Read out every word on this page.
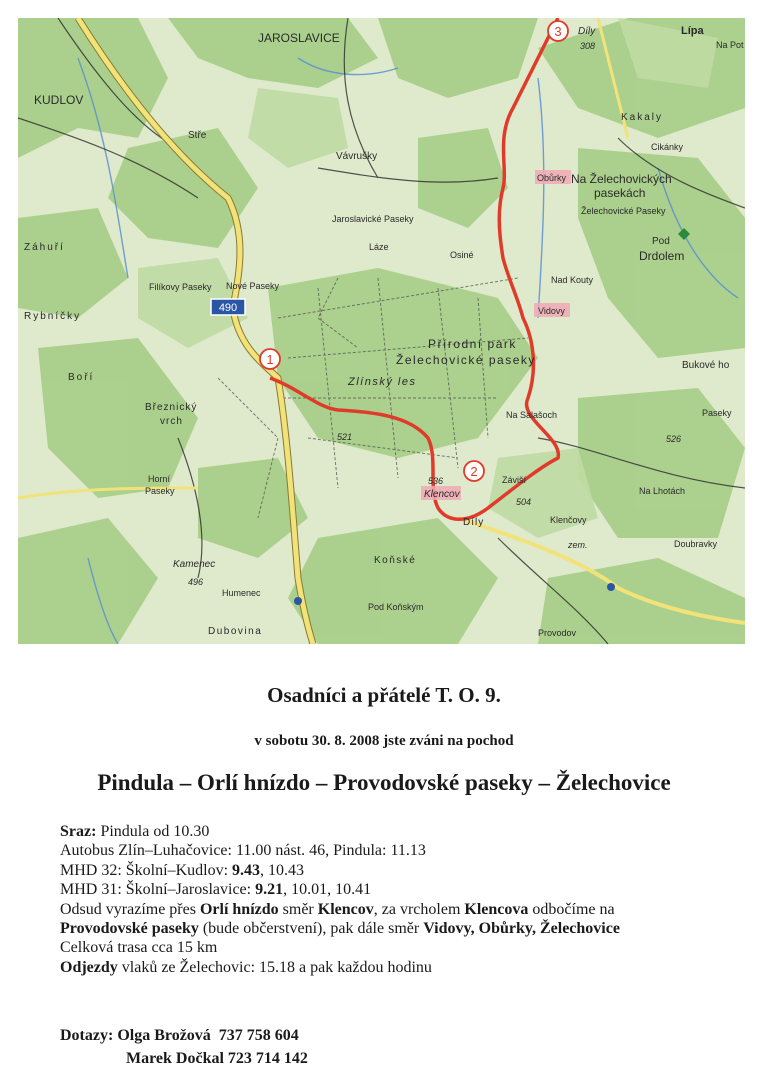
490
1
2
3
JAROSLAVICE	Díly
308
Lípa
Na Pot
KUDLOV
Stře
Vávrušky
Kakaly
Cikánky
Na Želechovických
pasekách
Obůrky
Želechovické Paseky
Jaroslavické Paseky
Záhuří	Láze
Osiné
Pod
Drdolem
Filíkovy Paseky Nové Paseky
Rybníčky
Nad Kouty
Vidovy
Přírodní park
Želechovické paseky	Bukové ho
Zlínský les
Boří
Březnický
vrch
Na Salašoch	Paseky
521	526
Záviší
Horní
Paseky	Klencov
536
504
Na Lhotách
Díly	Klenčovy
zem.
Kamenec
496
Humenec
Koňské
Doubravky
Pod Koňským
Dubovina	Provodov
Osadníci a přátelé T. O. 9.
v sobotu 30. 8. 2008 jste zváni na pochod
Pindula – Orlí hnízdo – Provodovské paseky – Želechovice
Sraz: Pindula od 10.30
Autobus Zlín–Luhačovice: 11.00 nást. 46, Pindula: 11.13
MHD 32: Školní–Kudlov: 9.43, 10.43
MHD 31: Školní–Jaroslavice: 9.21, 10.01, 10.41
Odsud vyrazíme přes Orlí hnízdo směr Klencov, za vrcholem Klencova odbočíme na
Provodovské paseky (bude občerstvení), pak dále směr Vidovy, Obůrky, Želechovice
Celková trasa cca 15 km
Odjezdy vlaků ze Želechovic: 15.18 a pak každou hodinu
Dotazy: Olga Brožová 737 758 604
Marek Dočkal 723 714 142
